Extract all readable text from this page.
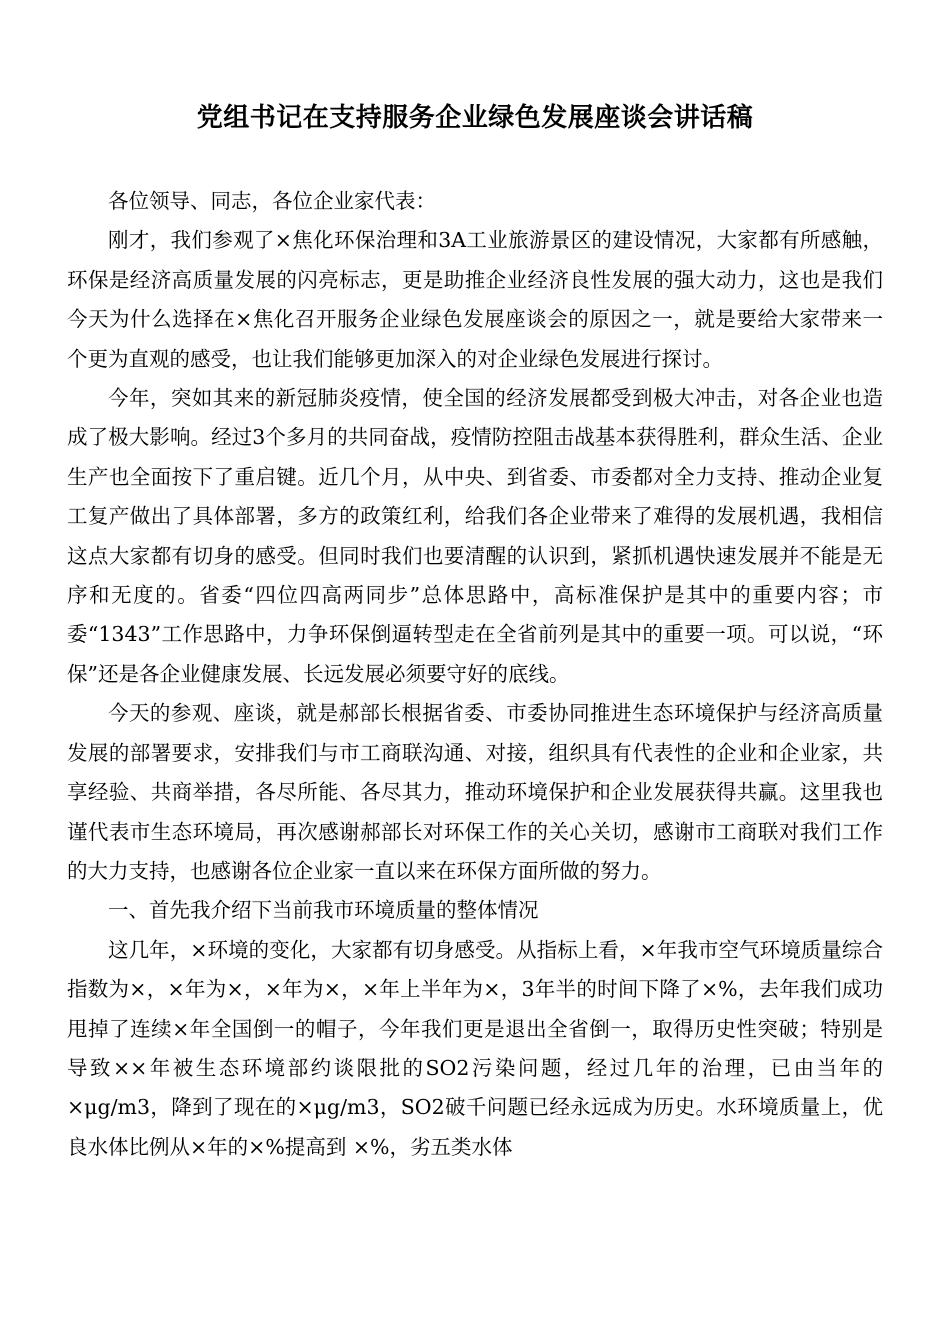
党组书记在支持服务企业绿色发展座谈会讲话稿

各位领导、同志，各位企业家代表：

刚才，我们参观了×焦化环保治理和3A工业旅游景区的建设情况，大家都有所感触，环保是经济高质量发展的闪亮标志，更是助推企业经济良性发展的强大动力，这也是我们今天为什么选择在×焦化召开服务企业绿色发展座谈会的原因之一，就是要给大家带来一个更为直观的感受，也让我们能够更加深入的对企业绿色发展进行探讨。

今年，突如其来的新冠肺炎疫情，使全国的经济发展都受到极大冲击，对各企业也造成了极大影响。经过3个多月的共同奋战，疫情防控阻击战基本获得胜利，群众生活、企业生产也全面按下了重启键。近几个月，从中央、到省委、市委都对全力支持、推动企业复工复产做出了具体部署，多方的政策红利，给我们各企业带来了难得的发展机遇，我相信这点大家都有切身的感受。但同时我们也要清醒的认识到，紧抓机遇快速发展并不能是无序和无度的。省委“四位四高两同步”总体思路中，高标准保护是其中的重要内容；市委“1343”工作思路中，力争环保倒逼转型走在全省前列是其中的重要一项。可以说，“环保”还是各企业健康发展、长远发展必须要守好的底线。

今天的参观、座谈，就是郝部长根据省委、市委协同推进生态环境保护与经济高质量发展的部署要求，安排我们与市工商联沟通、对接，组织具有代表性的企业和企业家，共享经验、共商举措，各尽所能、各尽其力，推动环境保护和企业发展获得共赢。这里我也谨代表市生态环境局，再次感谢郝部长对环保工作的关心关切，感谢市工商联对我们工作的大力支持，也感谢各位企业家一直以来在环保方面所做的努力。

一、首先我介绍下当前我市环境质量的整体情况

这几年，×环境的变化，大家都有切身感受。从指标上看，×年我市空气环境质量综合指数为×，×年为×，×年为×，×年上半年为×，3年半的时间下降了×%，去年我们成功甩掉了连续×年全国倒一的帽子，今年我们更是退出全省倒一，取得历史性突破；特别是导致××年被生态环境部约谈限批的SO2污染问题，经过几年的治理，已由当年的×μg/m3，降到了现在的×μg/m3，SO2破千问题已经永远成为历史。水环境质量上，优良水体比例从×年的×%提高到 ×%，劣五类水体
